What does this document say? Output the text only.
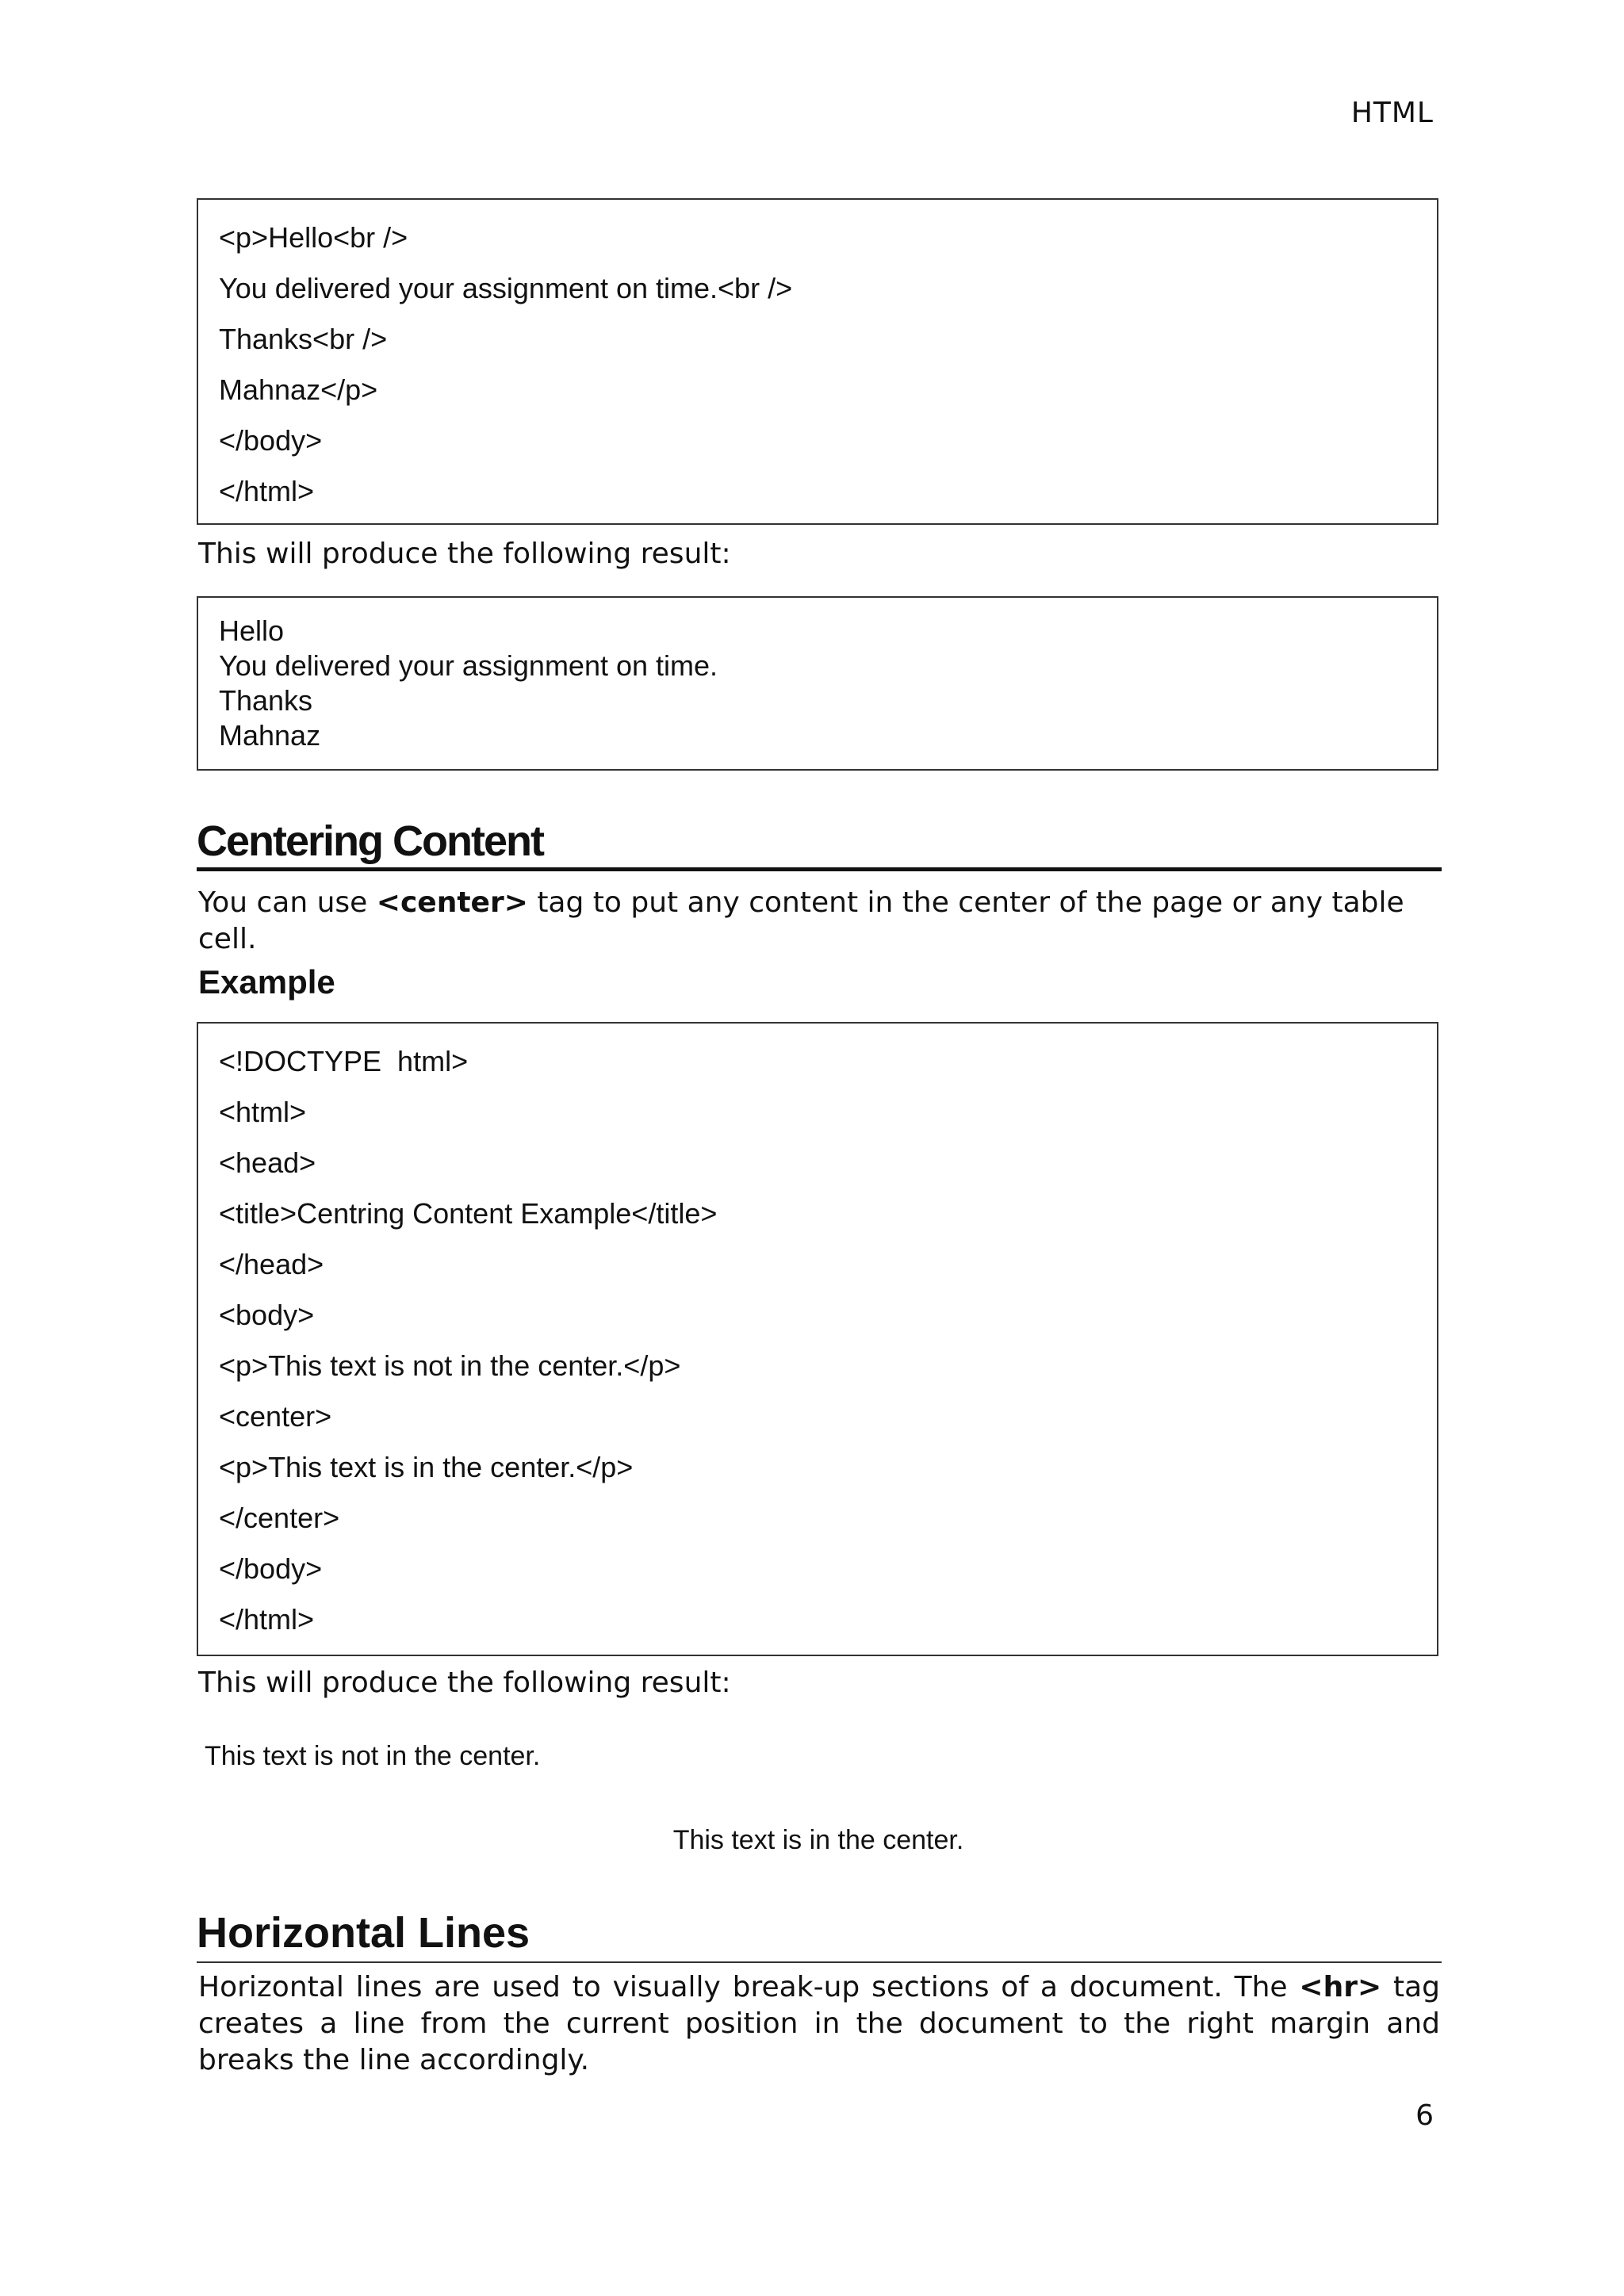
HTML
<p>Hello<br />
You delivered your assignment on time.<br />
Thanks<br />
Mahnaz</p>
</body>
</html>
This will produce the following result:
Hello
You delivered your assignment on time.
Thanks
Mahnaz
Centering Content
You can use <center> tag to put any content in the center of the page or any table cell.
Example
<!DOCTYPE  html>
<html>
<head>
<title>Centring Content Example</title>
</head>
<body>
<p>This text is not in the center.</p>
<center>
<p>This text is in the center.</p>
</center>
</body>
</html>
This will produce the following result:
This text is not in the center.
This text is in the center.
Horizontal Lines
Horizontal lines are used to visually break-up sections of a document. The <hr> tag creates a line from the current position in the document to the right margin and breaks the line accordingly.
6
